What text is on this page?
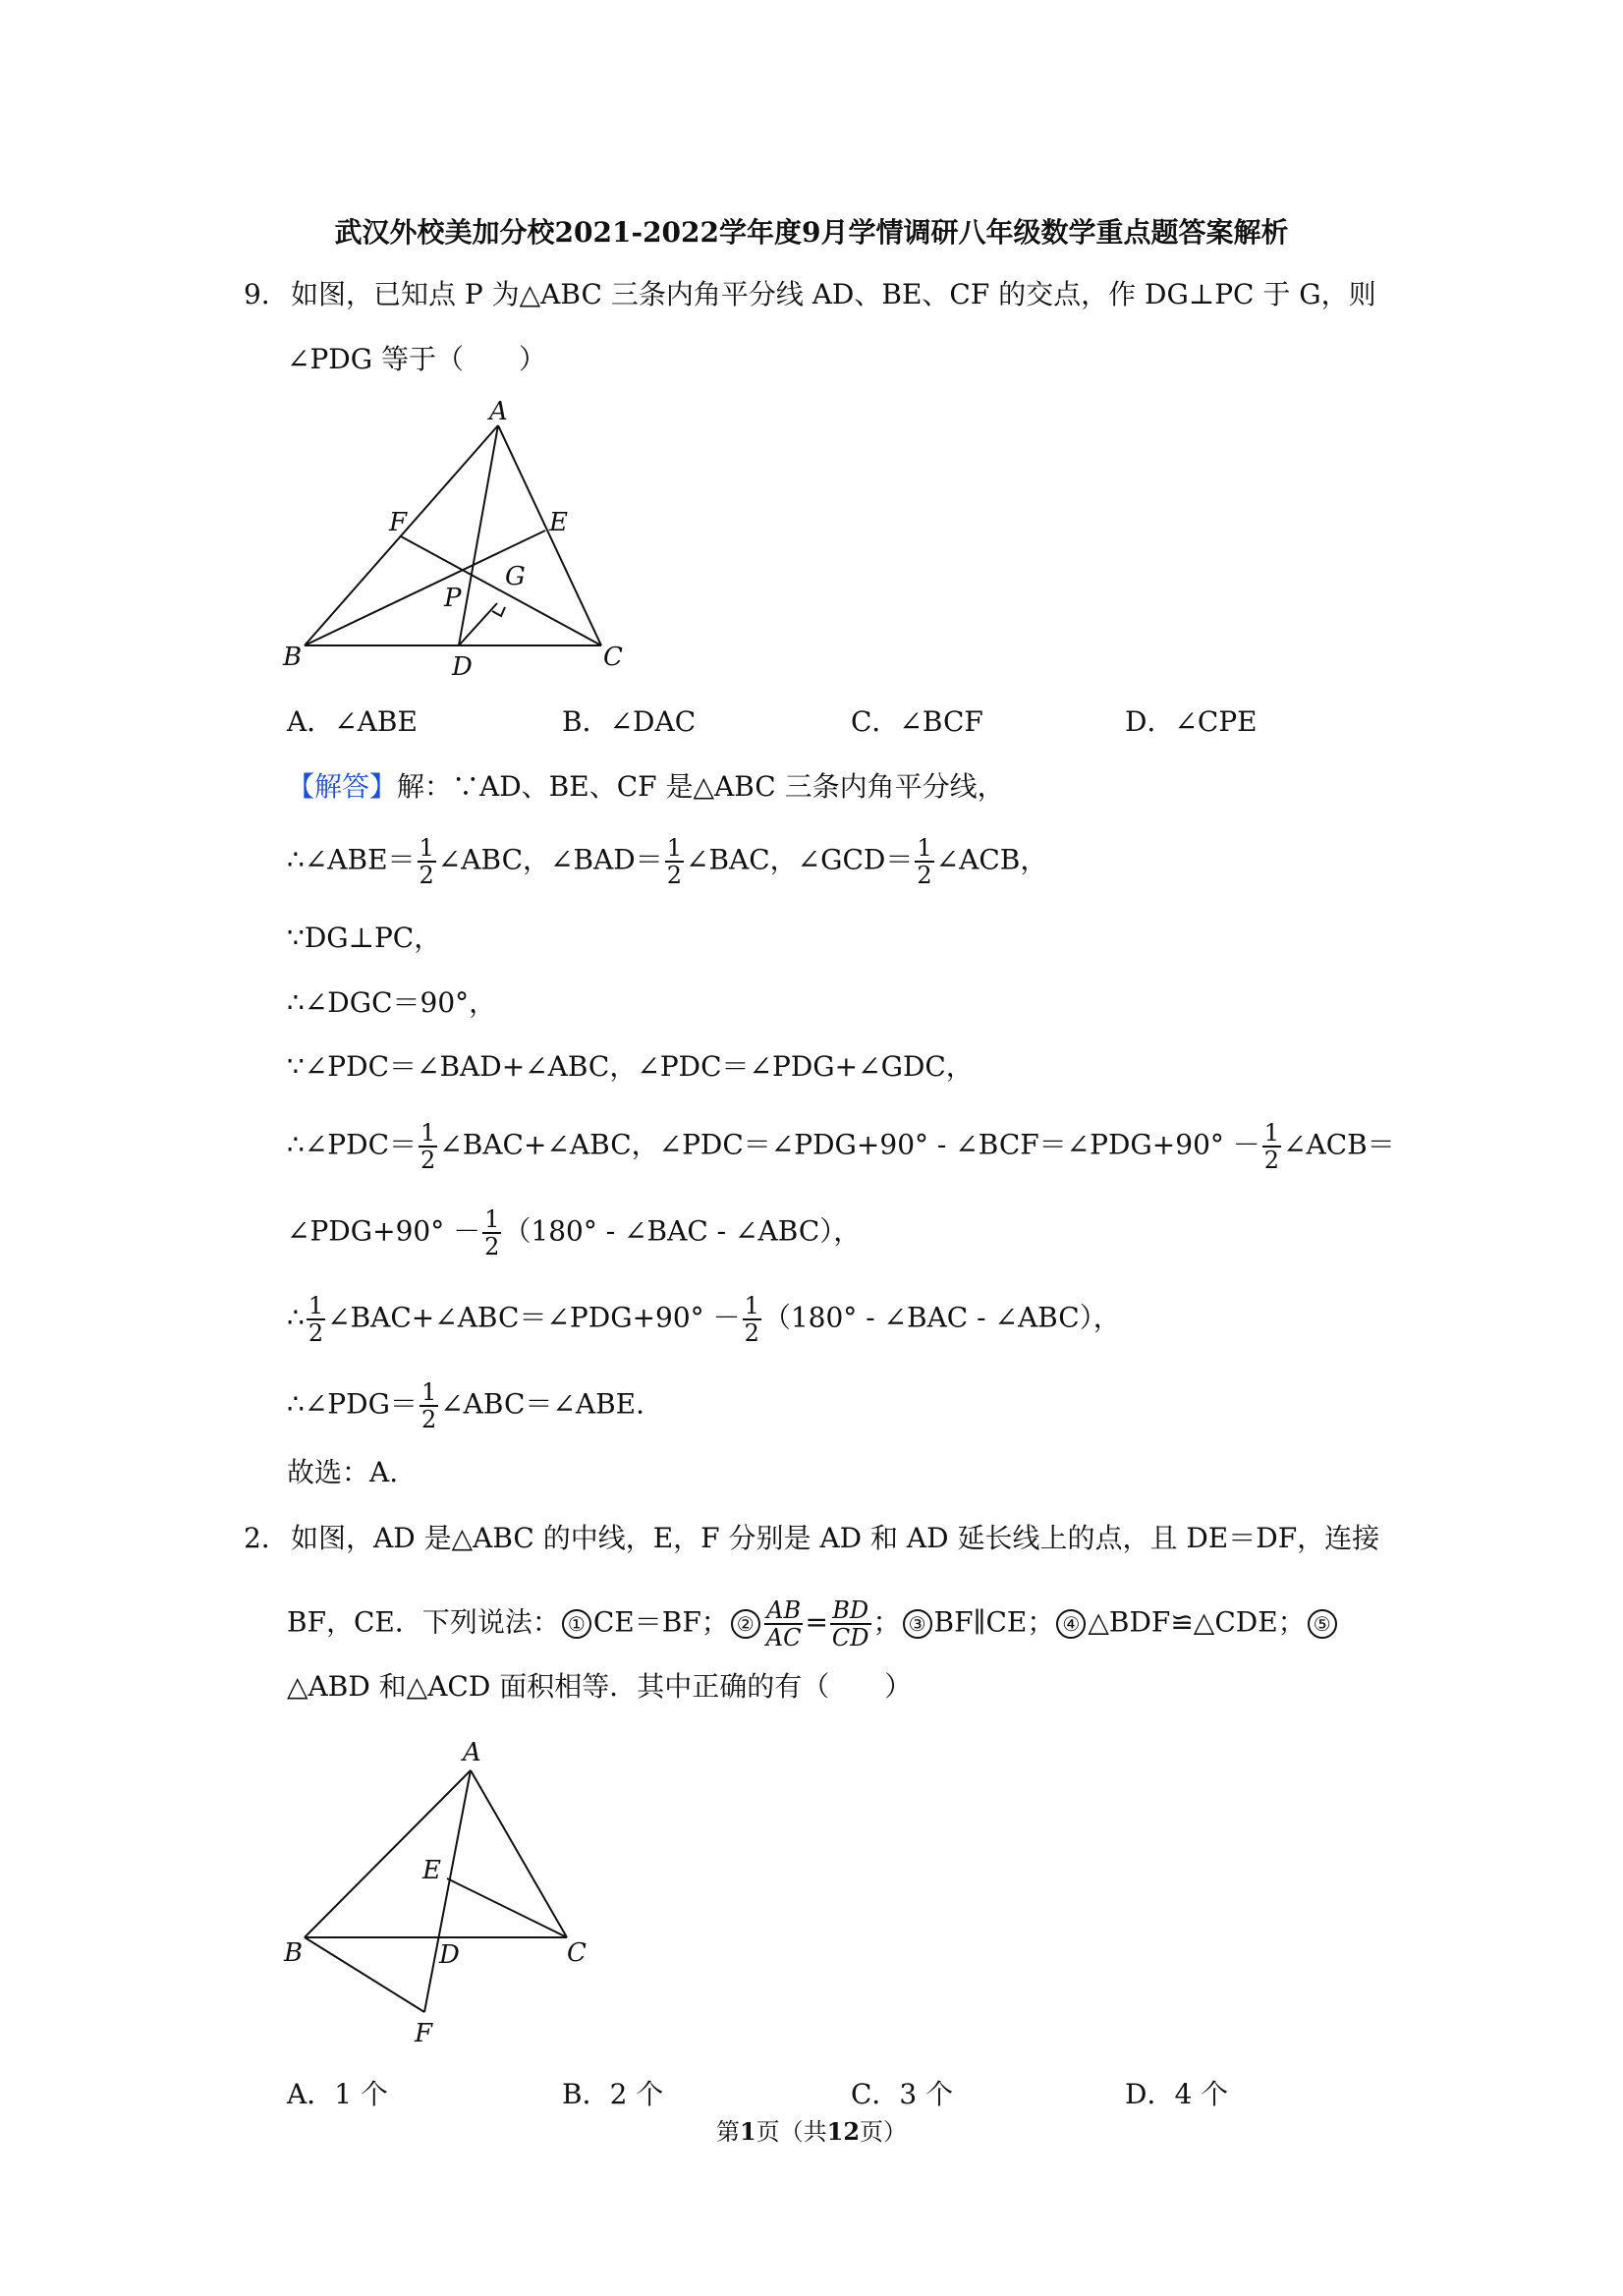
武汉外校美加分校2021-2022学年度9月学情调研八年级数学重点题答案解析
9． 如图，已知点 P 为△ABC 三条内角平分线 AD、BE、CF 的交点，作 DG⊥PC 于 G，则
∠PDG 等于（　　）
A
B	C
D
E
F
G
P
A．∠ABE	B．∠DAC	C．∠BCF	D．∠CPE
【解答】解：∵AD、BE、CF 是△ABC 三条内角平分线，
∴∠ABE＝ $\frac{1}{2}$ ∠ABC，∠BAD＝ $\frac{1}{2}$ ∠BAC，∠GCD＝ $\frac{1}{2}$ ∠ACB，
∵DG⊥PC，
∴∠DGC＝90°，
∵∠PDC＝∠BAD+∠ABC，∠PDC＝∠PDG+∠GDC，
∴∠PDC＝ $\frac{1}{2}$ ∠BAC+∠ABC，∠PDC＝∠PDG+90° - ∠BCF＝∠PDG+90° － $\frac{1}{2}$ ∠ACB＝
∠PDG+90° － $\frac{1}{2} (180^\circ$ - ∠BAC - ∠ABC），
∴ $\frac{1}{2}$ ∠BAC+∠ABC＝∠PDG+90° － $\frac{1}{2} (180^\circ$ - ∠BAC - ∠ABC），
∴∠PDG＝ $\frac{1}{2}$ ∠ABC＝∠ABE.
故选：A.
2． 如图，AD 是△ABC 的中线，E，F 分别是 AD 和 AD 延长线上的点，且 DE＝DF，连接
BF，CE．下列说法： ① CE＝BF； ② $\frac{AB}{AC} = \frac{BD}{CD}$ ； ③ BF∥CE； ④ △BDF≌△CDE； ⑤
△ABD 和△ACD 面积相等．其中正确的有（　　）
A
B	C
D
E
F
A．1 个	B．2 个	C．3 个	D．4 个
第1页（共12页）
